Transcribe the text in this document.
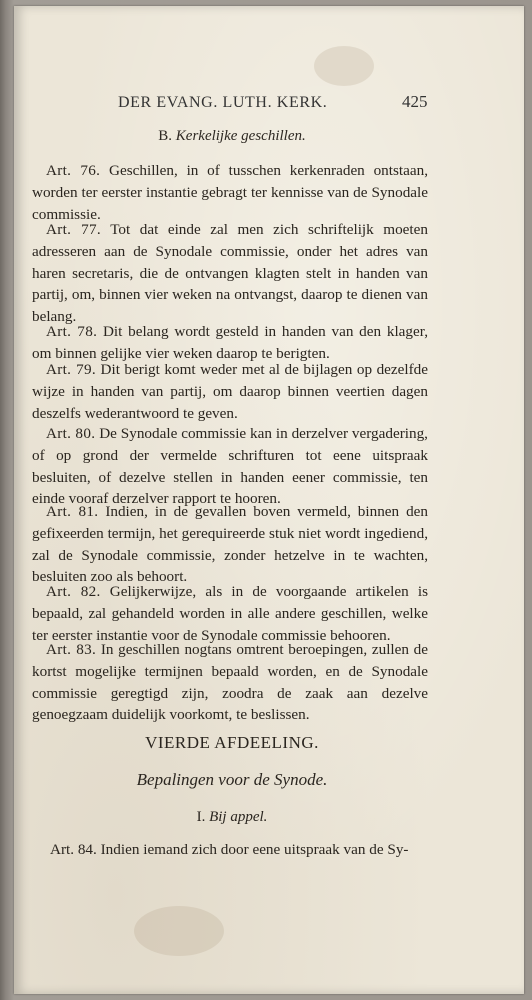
DER EVANG. LUTH. KERK.	425
B. Kerkelijke geschillen.
Art. 76. Geschillen, in of tusschen kerkenraden ontstaan, worden ter eerster instantie gebragt ter kennisse van de Synodale commissie.
Art. 77. Tot dat einde zal men zich schriftelijk moeten adresseren aan de Synodale commissie, onder het adres van haren secretaris, die de ontvangen klagten stelt in handen van partij, om, binnen vier weken na ontvangst, daarop te dienen van belang.
Art. 78. Dit belang wordt gesteld in handen van den klager, om binnen gelijke vier weken daarop te berigten.
Art. 79. Dit berigt komt weder met al de bijlagen op dezelfde wijze in handen van partij, om daarop binnen veertien dagen deszelfs wederantwoord te geven.
Art. 80. De Synodale commissie kan in derzelver vergadering, of op grond der vermelde schrifturen tot eene uitspraak besluiten, of dezelve stellen in handen eener commissie, ten einde vooraf derzelver rapport te hooren.
Art. 81. Indien, in de gevallen boven vermeld, binnen den gefixeerden termijn, het gerequireerde stuk niet wordt ingediend, zal de Synodale commissie, zonder hetzelve in te wachten, besluiten zoo als behoort.
Art. 82. Gelijkerwijze, als in de voorgaande artikelen is bepaald, zal gehandeld worden in alle andere geschillen, welke ter eerster instantie voor de Synodale commissie behooren.
Art. 83. In geschillen nogtans omtrent beroepingen, zullen de kortst mogelijke termijnen bepaald worden, en de Synodale commissie geregtigd zijn, zoodra de zaak aan dezelve genoegzaam duidelijk voorkomt, te beslissen.
VIERDE AFDEELING.
Bepalingen voor de Synode.
I. Bij appel.
Art. 84. Indien iemand zich door eene uitspraak van de Sy-
